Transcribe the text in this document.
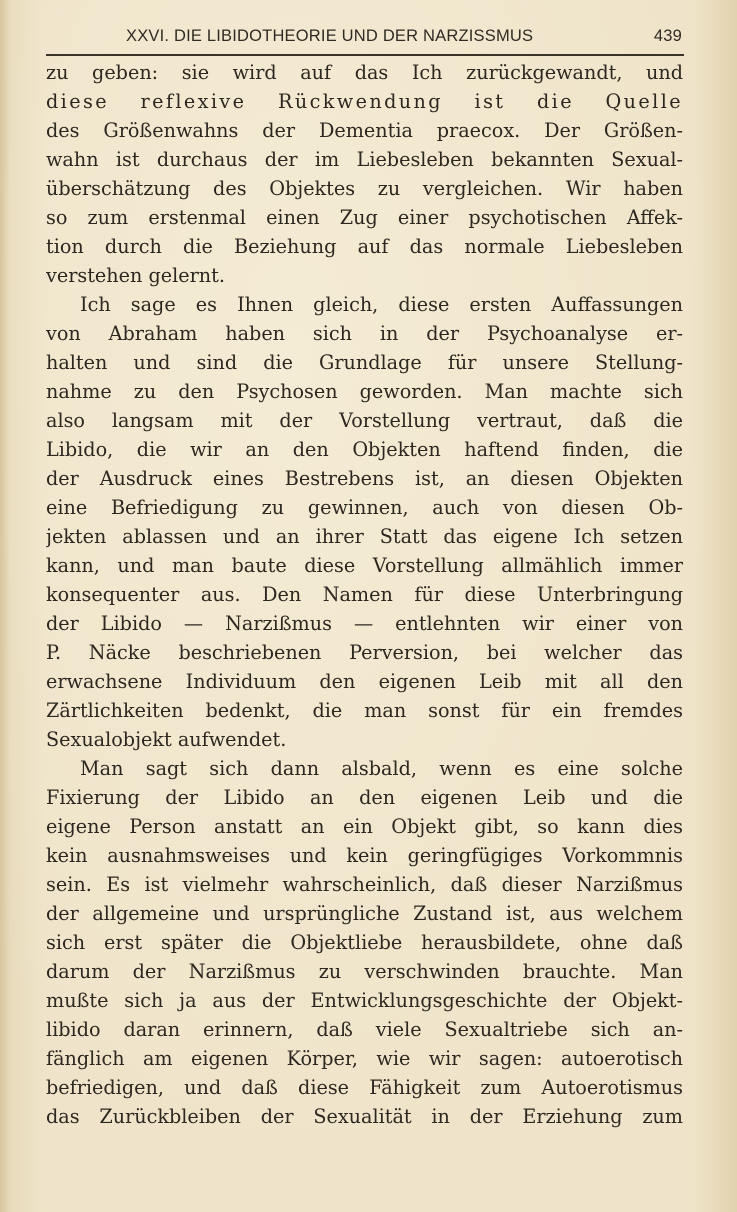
XXVI. DIE LIBIDOTHEORIE UND DER NARZISSMUS	439
zu geben: sie wird auf das Ich zurückgewandt, und
diese reflexive Rückwendung ist die Quelle
des Größenwahns der Dementia praecox. Der Größen-
wahn ist durchaus der im Liebesleben bekannten Sexual-
überschätzung des Objektes zu vergleichen. Wir haben
so zum erstenmal einen Zug einer psychotischen Affek-
tion durch die Beziehung auf das normale Liebesleben
verstehen gelernt.
Ich sage es Ihnen gleich, diese ersten Auffassungen
von Abraham haben sich in der Psychoanalyse er-
halten und sind die Grundlage für unsere Stellung-
nahme zu den Psychosen geworden. Man machte sich
also langsam mit der Vorstellung vertraut, daß die
Libido, die wir an den Objekten haftend finden, die
der Ausdruck eines Bestrebens ist, an diesen Objekten
eine Befriedigung zu gewinnen, auch von diesen Ob-
jekten ablassen und an ihrer Statt das eigene Ich setzen
kann, und man baute diese Vorstellung allmählich immer
konsequenter aus. Den Namen für diese Unterbringung
der Libido — Narzißmus — entlehnten wir einer von
P. Näcke beschriebenen Perversion, bei welcher das
erwachsene Individuum den eigenen Leib mit all den
Zärtlichkeiten bedenkt, die man sonst für ein fremdes
Sexualobjekt aufwendet.
Man sagt sich dann alsbald, wenn es eine solche
Fixierung der Libido an den eigenen Leib und die
eigene Person anstatt an ein Objekt gibt, so kann dies
kein ausnahmsweises und kein geringfügiges Vorkommnis
sein. Es ist vielmehr wahrscheinlich, daß dieser Narzißmus
der allgemeine und ursprüngliche Zustand ist, aus welchem
sich erst später die Objektliebe herausbildete, ohne daß
darum der Narzißmus zu verschwinden brauchte. Man
mußte sich ja aus der Entwicklungsgeschichte der Objekt-
libido daran erinnern, daß viele Sexualtriebe sich an-
fänglich am eigenen Körper, wie wir sagen: autoerotisch
befriedigen, und daß diese Fähigkeit zum Autoerotismus
das Zurückbleiben der Sexualität in der Erziehung zum
